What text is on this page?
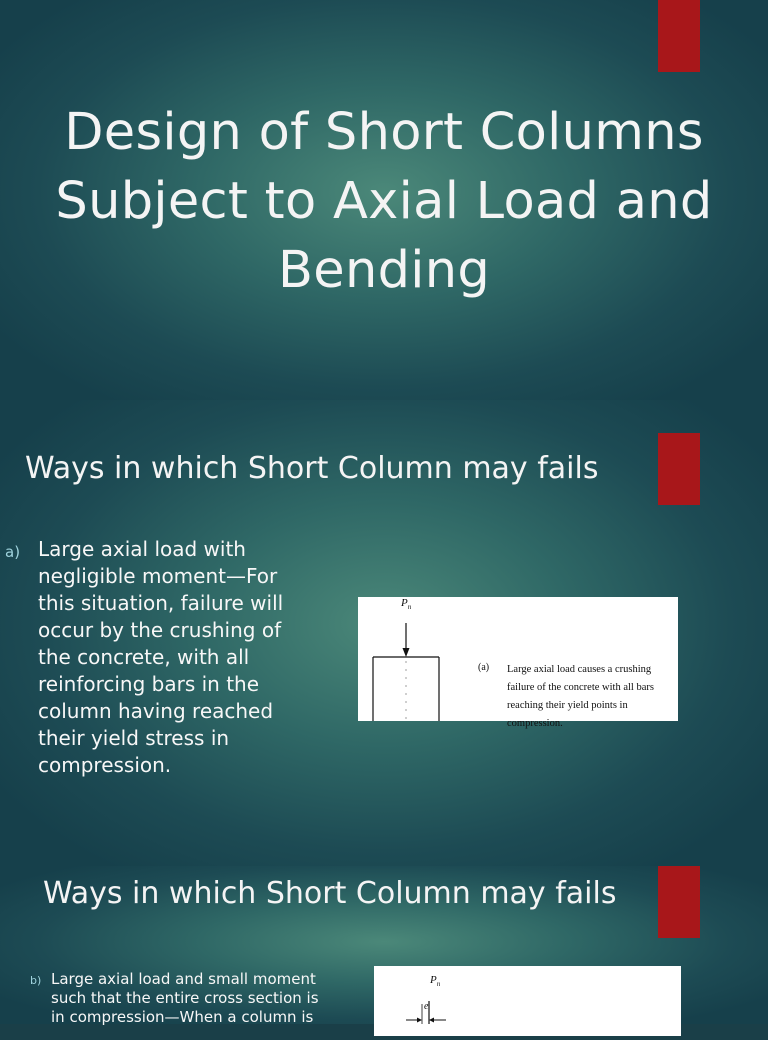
Design of Short Columns Subject to Axial Load and Bending
Ways in which Short Column may fails
a) Large axial load with negligible moment—For this situation, failure will occur by the crushing of the concrete, with all reinforcing bars in the column having reached their yield stress in compression.

$P_n$
(a) Large axial load causes a crushing failure of the concrete with all bars reaching their yield points in compression.

Ways in which Short Column may fails
b) Large axial load and small moment such that the entire cross section is in compression—When a column is

$P_n$
e
